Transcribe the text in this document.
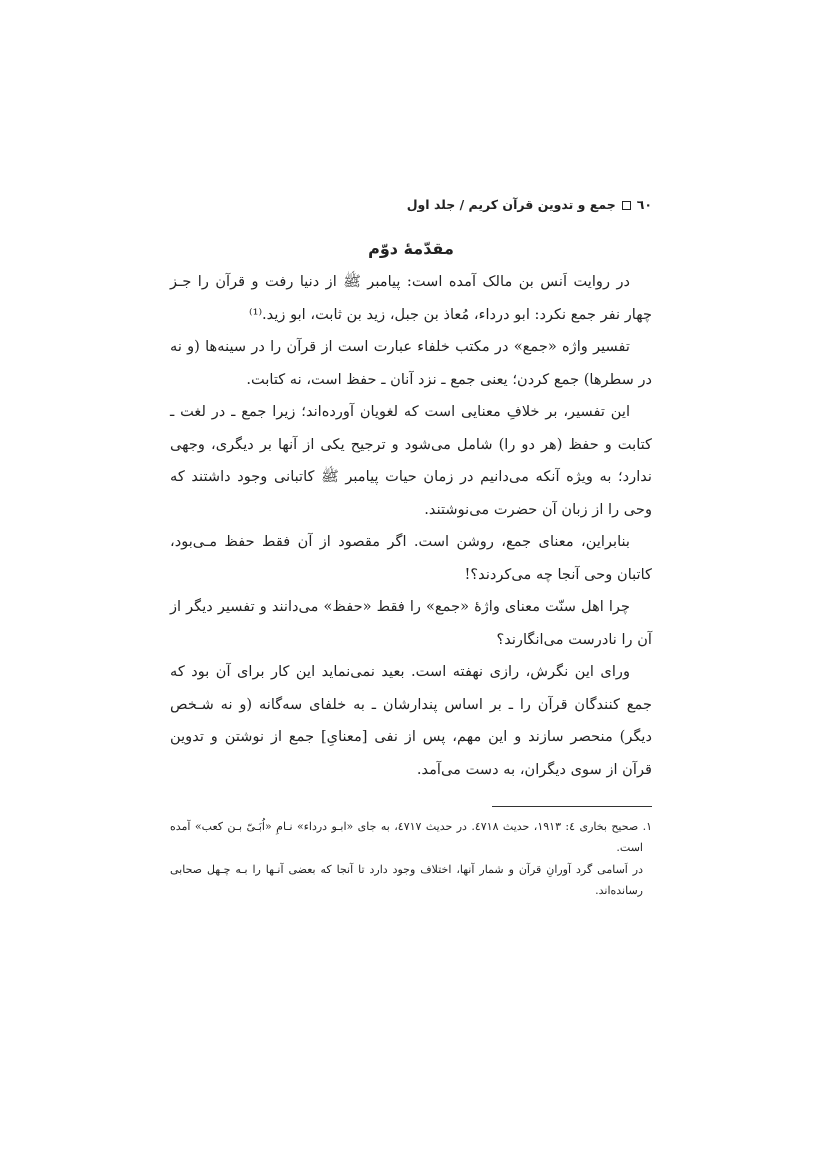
٦٠جمع و تدوین قرآن کریم / جلد اول
مقدّمهٔ دوّم

در روایت اَنس بن مالک آمده است: پیامبر ﷺ از دنیا رفت و قرآن را جـز چهار نفر جمع نکرد: ابو درداء، مُعاذ بن جبل، زید بن ثابت، ابو زید.⁽¹⁾

تفسیر واژه «جمع» در مکتب خلفاء عبارت است از قرآن را در سینه‌ها (و نه در سطرها) جمع کردن؛ یعنی جمع ـ نزد آنان ـ حفظ است، نه کتابت.

این تفسیر، بر خلافِ معنایی است که لغویان آورده‌اند؛ زیرا جمع ـ در لغت ـ کتابت و حفظ (هر دو را) شامل می‌شود و ترجیح یکی از آنها بر دیگری، وجهی ندارد؛ به ویژه آنکه می‌دانیم در زمان حیات پیامبر ﷺ کاتبانی وجود داشتند که وحی را از زبان آن حضرت می‌نوشتند.

بنابراین، معنای جمع، روشن است. اگر مقصود از آن فقط حفظ مـی‌بود، کاتبان وحی آنجا چه می‌کردند؟!

چرا اهل سنّت معنای واژهٔ «جمع» را فقط «حفظ» می‌دانند و تفسیر دیگر از آن را نادرست می‌انگارند؟

ورای این نگرش، رازی نهفته است. بعید نمی‌نماید این کار برای آن بود که جمع کنندگان قرآن را ـ بر اساس پندارشان ـ به خلفای سه‌گانه (و نه شـخص دیگر) منحصر سازند و این مهم، پس از نفی [معنایِ] جمع از نوشتن و تدوین قرآن از سوی دیگران، به دست می‌آمد.

١. صحیح بخاری ٤: ١٩١٣، حدیث ٤٧١٨. در حدیث ٤٧١٧، به جای «ابـو درداء» نـامِ «اُبَـیّ بـن کعب» آمده است.

در اَسامی گرد آورانِ قرآن و شمار آنها، اختلاف وجود دارد تا آنجا که بعضی آنـها را بـه چـهل صحابی رسانده‌اند.
